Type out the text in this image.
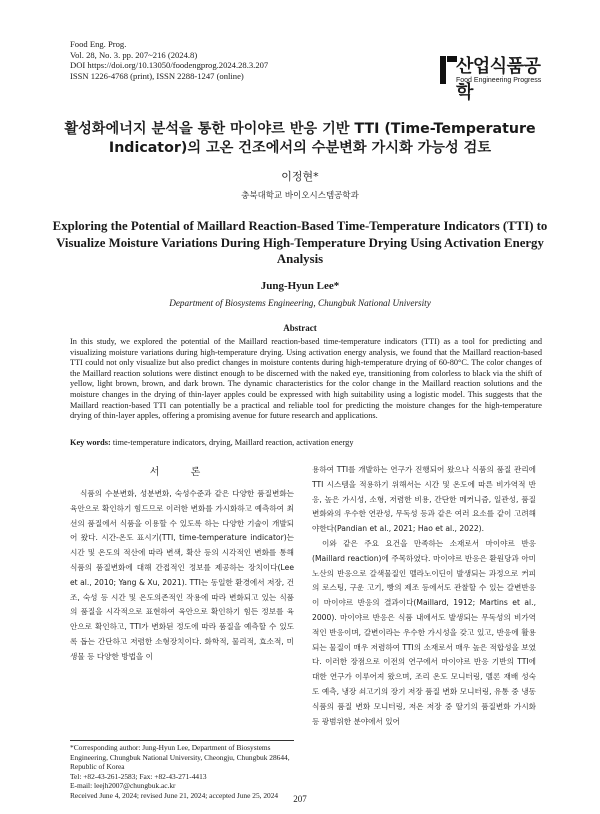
Food Eng. Prog.
Vol. 28, No. 3. pp. 207~216 (2024.8)
DOI https://doi.org/10.13050/foodengprog.2024.28.3.207
ISSN 1226-4768 (print), ISSN 2288-1247 (online)	산업식품공학
Food Engineering Progress
활성화에너지 분석을 통한 마이야르 반응 기반 TTI (Time-Temperature Indicator)의 고온 건조에서의 수분변화 가시화 가능성 검토
이정현*
충북대학교 바이오시스템공학과
Exploring the Potential of Maillard Reaction-Based Time-Temperature Indicators (TTI) to Visualize Moisture Variations During High-Temperature Drying Using Activation Energy Analysis
Jung-Hyun Lee*
Department of Biosystems Engineering, Chungbuk National University
Abstract
In this study, we explored the potential of the Maillard reaction-based time-temperature indicators (TTI) as a tool for predicting and visualizing moisture variations during high-temperature drying. Using activation energy analysis, we found that the Maillard reaction-based TTI could not only visualize but also predict changes in moisture contents during high-temperature drying of 60-80°C. The color changes of the Maillard reaction solutions were distinct enough to be discerned with the naked eye, transitioning from colorless to black via the shift of yellow, light brown, brown, and dark brown. The dynamic characteristics for the color change in the Maillard reaction solutions and the moisture changes in the drying of thin-layer apples could be expressed with high suitability using a logistic model. This suggests that the Maillard reaction-based TTI can potentially be a practical and reliable tool for predicting the moisture changes for the high-temperature drying of thin-layer apples, offering a promising avenue for future research and applications.
Key words: time-temperature indicators, drying, Maillard reaction, activation energy
서 론

식품의 수분변화, 성분변화, 숙성수준과 같은 다양한 품질변화는 육안으로 확인하기 힘드므로 이러한 변화를 가시화하고 예측하여 최선의 품질에서 식품을 이용할 수 있도록 하는 다양한 기술이 개발되어 왔다. 시간-온도 표시기(TTI, time-temperature indicator)는 시간 및 온도의 적산에 따라 변색, 확산 등의 시각적인 변화를 통해 식품의 품질변화에 대해 간접적인 정보를 제공하는 장치이다(Lee et al., 2010; Yang & Xu, 2021). TTI는 동일한 환경에서 저장, 건조, 숙성 등 시간 및 온도의존적인 작용에 따라 변화되고 있는 식품의 품질을 시각적으로 표현하여 육안으로 확인하기 힘든 정보를 육안으로 확인하고, TTI가 변화된 정도에 따라 품질을 예측할 수 있도록 돕는 간단하고 저렴한 소형장치이다. 화학적, 물리적, 효소적, 미생물 등 다양한 방법을 이

용하여 TTI를 개발하는 연구가 진행되어 왔으나 식품의 품질 관리에 TTI 시스템을 적용하기 위해서는 시간 및 온도에 따른 비가역적 반응, 높은 가시성, 소형, 저렴한 비용, 간단한 메커니즘, 일관성, 품질 변화와의 우수한 연관성, 무독성 등과 같은 여러 요소를 같이 고려해야한다(Pandian et al., 2021; Hao et al., 2022).

이와 같은 주요 요건을 만족하는 소재로서 마이야르 반응(Maillard reaction)에 주목하였다. 마이야르 반응은 환원당과 아미노산의 반응으로 갈색물질인 멜라노이딘이 발생되는 과정으로 커피의 로스팅, 구운 고기, 빵의 제조 등에서도 관찰할 수 있는 갈변반응이 마이야르 반응의 결과이다(Maillard, 1912; Martins et al., 2000). 마이야르 반응은 식품 내에서도 발생되는 무독성의 비가역적인 반응이며, 갈변이라는 우수한 가시성을 갖고 있고, 반응에 활용되는 물질이 매우 저렴하여 TTI의 소재로서 매우 높은 적합성을 보였다. 이러한 장점으로 이전의 연구에서 마이야르 반응 기반의 TTI에 대한 연구가 이루어져 왔으며, 조리 온도 모니터링, 멜론 재배 성숙도 예측, 냉장 쇠고기의 장기 저장 품질 변화 모니터링, 유통 중 냉동식품의 품질 변화 모니터링, 저온 저장 중 딸기의 품질변화 가시화 등 광범위한 분야에서 있어

*Corresponding author: Jung-Hyun Lee, Department of Biosystems Engineering, Chungbuk National University, Cheongju, Chungbuk 28644, Republic of Korea
Tel: +82-43-261-2583; Fax: +82-43-271-4413
E-mail: leejh2007@chungbuk.ac.kr
Received June 4, 2024; revised June 21, 2024; accepted June 25, 2024	207
